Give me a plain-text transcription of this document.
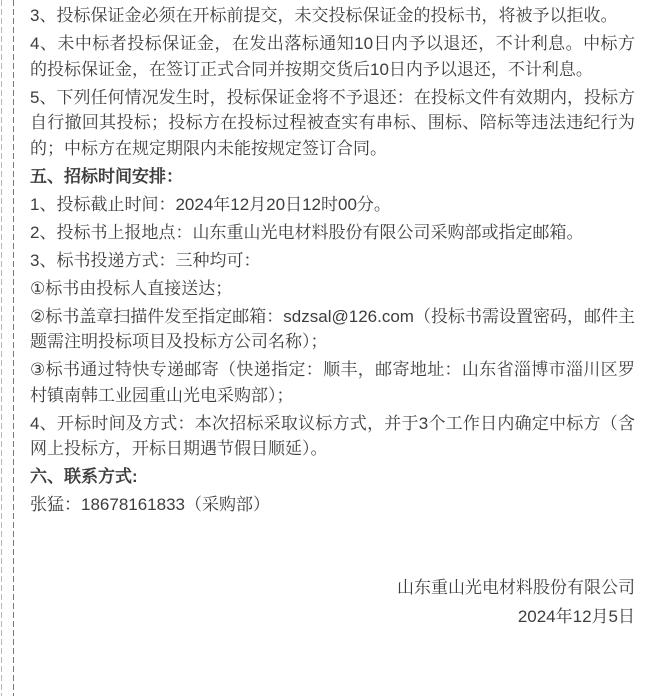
3、投标保证金必须在开标前提交，未交投标保证金的投标书，将被予以拒收。

4、未中标者投标保证金，在发出落标通知10日内予以退还，不计利息。中标方的投标保证金，在签订正式合同并按期交货后10日内予以退还，不计利息。

5、下列任何情况发生时，投标保证金将不予退还：在投标文件有效期内，投标方自行撤回其投标；投标方在投标过程被查实有串标、围标、陪标等违法违纪行为的；中标方在规定期限内未能按规定签订合同。

五、招标时间安排：

1、投标截止时间：2024年12月20日12时00分。

2、投标书上报地点：山东重山光电材料股份有限公司采购部或指定邮箱。

3、标书投递方式：三种均可：

①标书由投标人直接送达；

②标书盖章扫描件发至指定邮箱：sdzsal@126.com（投标书需设置密码，邮件主题需注明投标项目及投标方公司名称）；

③标书通过特快专递邮寄（快递指定：顺丰，邮寄地址：山东省淄博市淄川区罗村镇南韩工业园重山光电采购部）；

4、开标时间及方式：本次招标采取议标方式，并于3个工作日内确定中标方（含网上投标方，开标日期遇节假日顺延）。

六、联系方式:

张猛：18678161833（采购部）

山东重山光电材料股份有限公司

2024年12月5日
